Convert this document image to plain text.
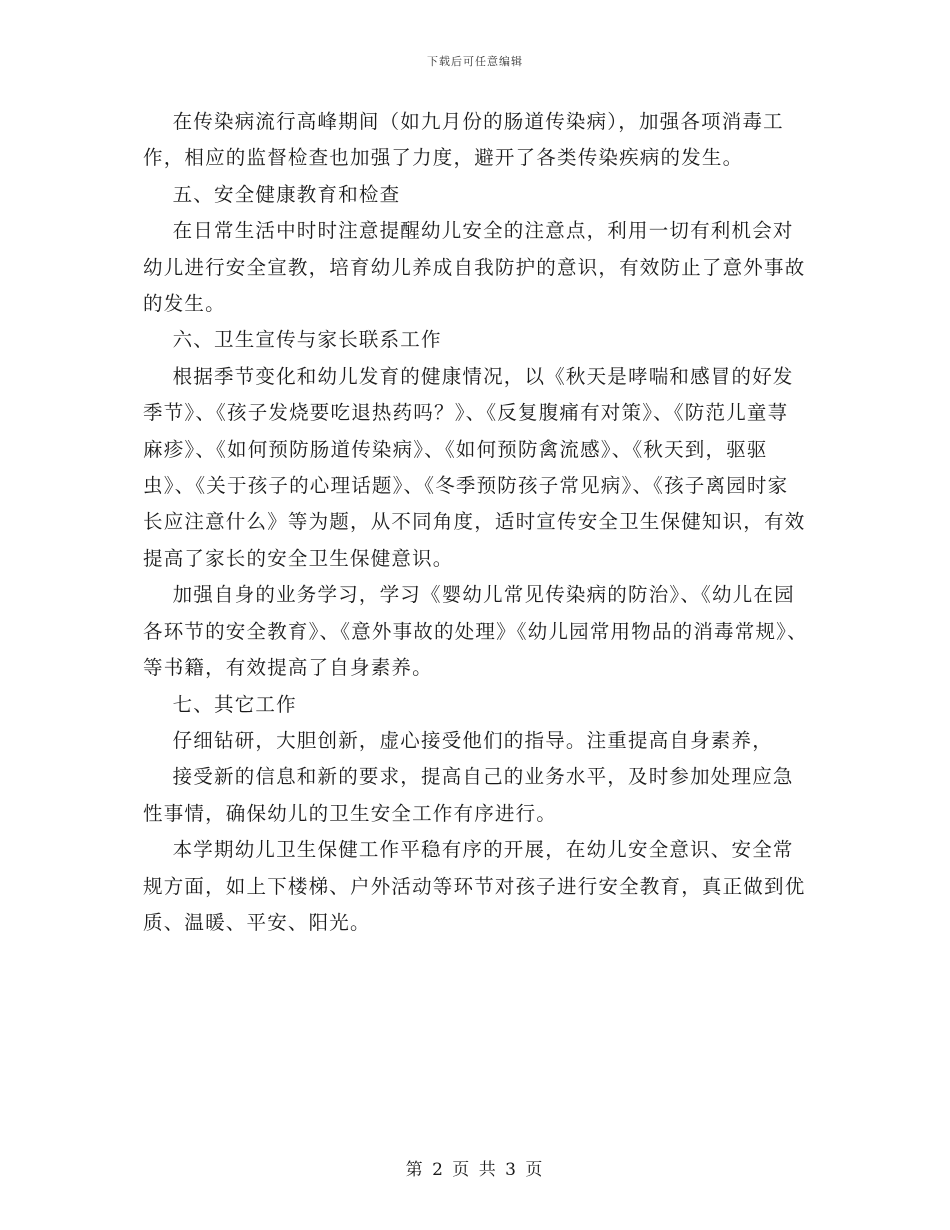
下载后可任意编辑

在传染病流行高峰期间（如九月份的肠道传染病），加强各项消毒工作，相应的监督检查也加强了力度，避开了各类传染疾病的发生。

五、安全健康教育和检查

在日常生活中时时注意提醒幼儿安全的注意点，利用一切有利机会对幼儿进行安全宣教，培育幼儿养成自我防护的意识，有效防止了意外事故的发生。

六、卫生宣传与家长联系工作

根据季节变化和幼儿发育的健康情况，以《秋天是哮喘和感冒的好发季节》、《孩子发烧要吃退热药吗？》、《反复腹痛有对策》、《防范儿童荨麻疹》、《如何预防肠道传染病》、《如何预防禽流感》、《秋天到，驱驱虫》、《关于孩子的心理话题》、《冬季预防孩子常见病》、《孩子离园时家长应注意什么》等为题，从不同角度，适时宣传安全卫生保健知识，有效提高了家长的安全卫生保健意识。

加强自身的业务学习，学习《婴幼儿常见传染病的防治》、《幼儿在园各环节的安全教育》、《意外事故的处理》《幼儿园常用物品的消毒常规》、等书籍，有效提高了自身素养。

七、其它工作

仔细钻研，大胆创新，虚心接受他们的指导。注重提高自身素养，

接受新的信息和新的要求，提高自己的业务水平，及时参加处理应急性事情，确保幼儿的卫生安全工作有序进行。

本学期幼儿卫生保健工作平稳有序的开展，在幼儿安全意识、安全常规方面，如上下楼梯、户外活动等环节对孩子进行安全教育，真正做到优质、温暖、平安、阳光。

第 2 页 共 3 页
